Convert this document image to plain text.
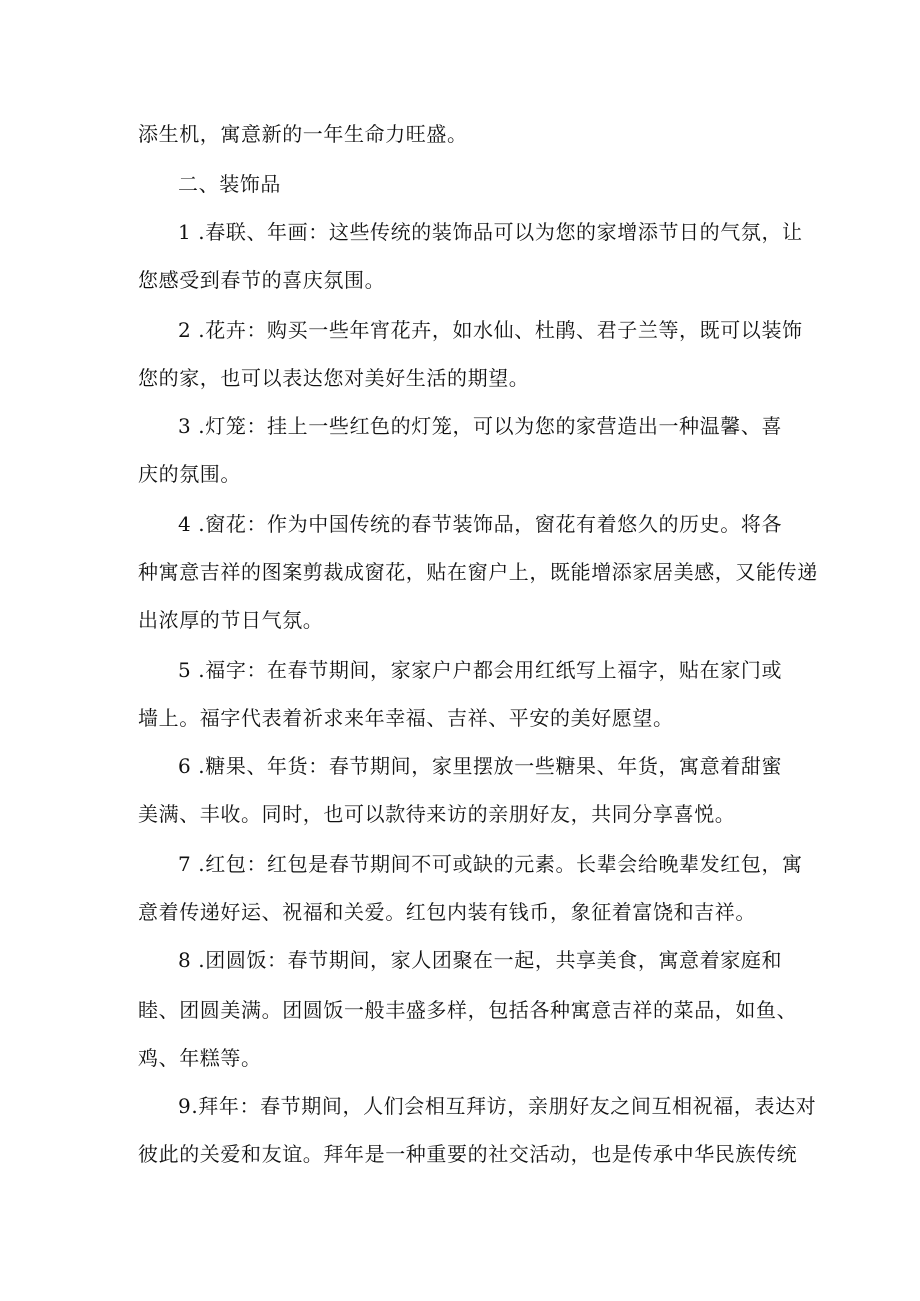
添生机，寓意新的一年生命力旺盛。
二、装饰品
1 .春联、年画：这些传统的装饰品可以为您的家增添节日的气氛，让
您感受到春节的喜庆氛围。
2 .花卉：购买一些年宵花卉，如水仙、杜鹃、君子兰等，既可以装饰
您的家，也可以表达您对美好生活的期望。
3 .灯笼：挂上一些红色的灯笼，可以为您的家营造出一种温馨、喜
庆的氛围。
4 .窗花：作为中国传统的春节装饰品，窗花有着悠久的历史。将各
种寓意吉祥的图案剪裁成窗花，贴在窗户上，既能增添家居美感，又能传递
出浓厚的节日气氛。
5 .福字：在春节期间，家家户户都会用红纸写上福字，贴在家门或
墙上。福字代表着祈求来年幸福、吉祥、平安的美好愿望。
6 .糖果、年货：春节期间，家里摆放一些糖果、年货，寓意着甜蜜
美满、丰收。同时，也可以款待来访的亲朋好友，共同分享喜悦。
7 .红包：红包是春节期间不可或缺的元素。长辈会给晚辈发红包，寓
意着传递好运、祝福和关爱。红包内装有钱币，象征着富饶和吉祥。
8 .团圆饭：春节期间，家人团聚在一起，共享美食，寓意着家庭和
睦、团圆美满。团圆饭一般丰盛多样，包括各种寓意吉祥的菜品，如鱼、
鸡、年糕等。
9.拜年：春节期间，人们会相互拜访，亲朋好友之间互相祝福，表达对
彼此的关爱和友谊。拜年是一种重要的社交活动，也是传承中华民族传统
